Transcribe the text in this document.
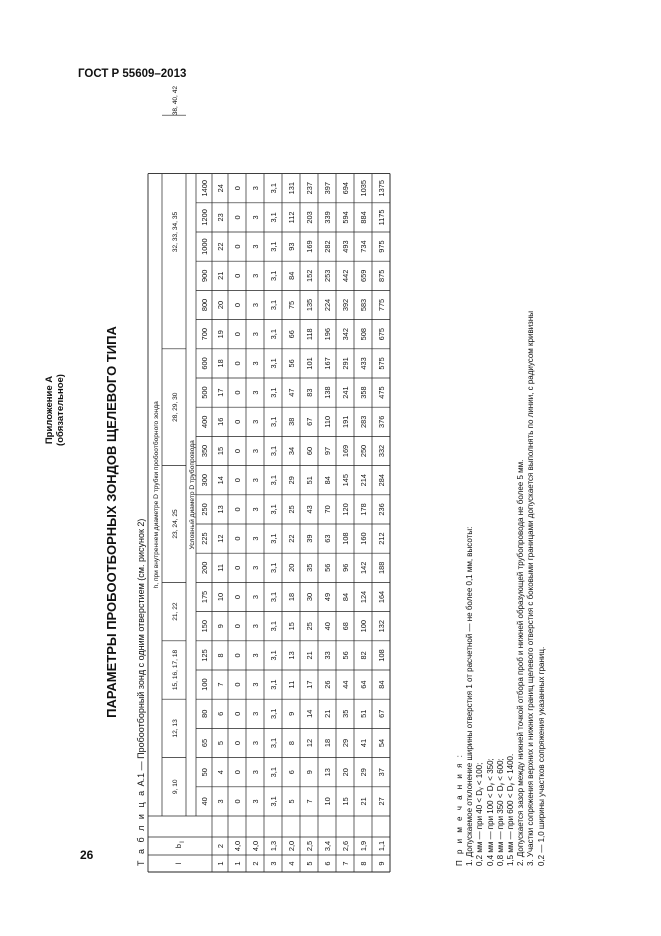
ГОСТ Р 55609–2013
26
ПАРАМЕТРЫ ПРОБООТБОРНЫХ ЗОНДОВ ЩЕЛЕВОГО ТИПА
Т а б л и ц а А.1 — Пробоотборный зонд с одним отверстием (см. рисунок 2)
h, при внутреннем диаметре D трубки пробоотборного зонда	Условный диаметр D трубопровода
9, 10
12, 13
15, 16, 17, 18
21, 22
23, 24, 25
28, 29, 30
32, 33, 34, 35
38, 40, 42
40 3
50 4
65 5
80 6
100 7
125 8
150 9
175 10
200 11
225 12
250 13
300 14
350 15
400 16
500 17
600 18
700 19
800 20
900 21
1000 22
1200 23
1400 24
l
b
l
1
2
1
4,0
0
0
0
0
0
0
0
0
0
0
0
0
0
0
0
0
0
0
0
0
0
0
2
4,0
3
3
3
3
3
3
3
3
3
3
3
3
3
3
3
3
3
3
3
3
3
3
3
1,3
3,1
3,1
3,1
3,1
3,1
3,1
3,1
3,1
3,1
3,1
3,1
3,1
3,1
3,1
3,1
3,1
3,1
3,1
3,1
3,1
3,1
3,1
4
2,0
5
6
8
9
11
13
15
18
20
22
25
29
34
38
47
56
66
75
84
93
112
131
5
2,5
7
9
12
14
17
21
25
30
35
39
43
51
60
67
83
101
118
135
152
169
203
237
6
3,4
10
13
18
21
26
33
40
49
56
63
70
84
97
110
138
167
196
224
253
282
339
397
7
2,6
15
20
29
35
44
56
68
84
96
108
120
145
169
191
241
291
342
392
442
493
594
694
8
1,9
21
29
41
51
64
82
100
124
142
160
178
214
250
283
358
433
508
583
659
734
884
1035
9
1,1
27
37
54
67
84
108
132
164
188
212
236
284
332
376
475
575
675
775
875
975
1175
1375
П р и м е ч а н и я : 1. Допускаемое отклонение ширины отверстия 1 от расчетной — не более 0,1 мм, высоты: 0,2 мм — при 40 < Dᵧ < 100; 0,4 мм — при 100 < Dᵧ < 350; 0,8 мм — при 350 < Dᵧ < 600; 1,5 мм — при 600 < Dᵧ < 1400. 2. Допускается зазор между нижней точкой отбора проб и нижней образующей трубопровода не более 5 мм. 3. Участки сопряжения верхних и нижних границ щелевого отверстия с боковыми границами допускается выполнять по линии, с радиусом кривизны 0,2 — 1,0 ширины участков сопряжения указанных границ.
Приложение А (обязательное)
